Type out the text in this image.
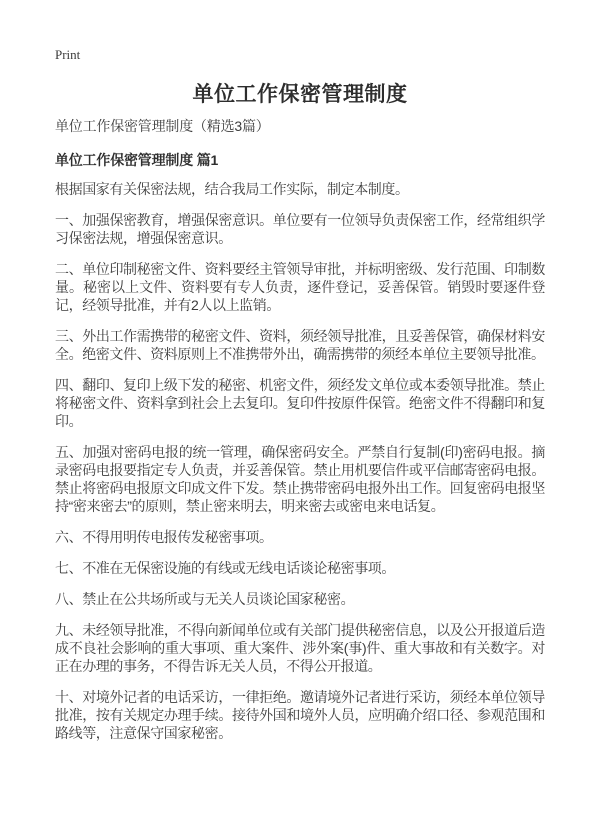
Print
单位工作保密管理制度
单位工作保密管理制度（精选3篇）
单位工作保密管理制度 篇1

根据国家有关保密法规，结合我局工作实际，制定本制度。

一、加强保密教育，增强保密意识。单位要有一位领导负责保密工作，经常组织学习保密法规，增强保密意识。

二、单位印制秘密文件、资料要经主管领导审批，并标明密级、发行范围、印制数量。秘密以上文件、资料要有专人负责，逐件登记，妥善保管。销毁时要逐件登记，经领导批准，并有2人以上监销。

三、外出工作需携带的秘密文件、资料，须经领导批准，且妥善保管，确保材料安全。绝密文件、资料原则上不准携带外出，确需携带的须经本单位主要领导批准。

四、翻印、复印上级下发的秘密、机密文件，须经发文单位或本委领导批准。禁止将秘密文件、资料拿到社会上去复印。复印件按原件保管。绝密文件不得翻印和复印。

五、加强对密码电报的统一管理，确保密码安全。严禁自行复制(印)密码电报。摘录密码电报要指定专人负责，并妥善保管。禁止用机要信件或平信邮寄密码电报。禁止将密码电报原文印成文件下发。禁止携带密码电报外出工作。回复密码电报坚持“密来密去”的原则，禁止密来明去，明来密去或密电来电话复。

六、不得用明传电报传发秘密事项。

七、不准在无保密设施的有线或无线电话谈论秘密事项。

八、禁止在公共场所或与无关人员谈论国家秘密。

九、未经领导批准，不得向新闻单位或有关部门提供秘密信息，以及公开报道后造成不良社会影响的重大事项、重大案件、涉外案(事)件、重大事故和有关数字。对正在办理的事务，不得告诉无关人员，不得公开报道。

十、对境外记者的电话采访，一律拒绝。邀请境外记者进行采访，须经本单位领导批准，按有关规定办理手续。接待外国和境外人员，应明确介绍口径、参观范围和路线等，注意保守国家秘密。
